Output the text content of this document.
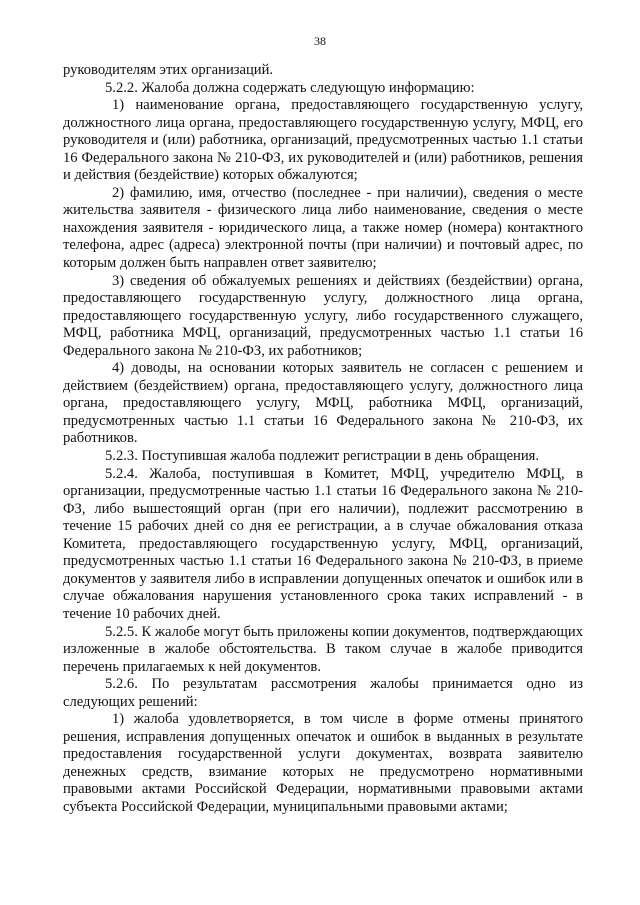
38

руководителям этих организаций.

5.2.2. Жалоба должна содержать следующую информацию:

1) наименование органа, предоставляющего государственную услугу, должностного лица органа, предоставляющего государственную услугу, МФЦ, его руководителя и (или) работника, организаций, предусмотренных частью 1.1 статьи 16 Федерального закона № 210-ФЗ, их руководителей и (или) работников, решения и действия (бездействие) которых обжалуются;

2) фамилию, имя, отчество (последнее - при наличии), сведения о месте жительства заявителя - физического лица либо наименование, сведения о месте нахождения заявителя - юридического лица, а также номер (номера) контактного телефона, адрес (адреса) электронной почты (при наличии) и почтовый адрес, по которым должен быть направлен ответ заявителю;

3) сведения об обжалуемых решениях и действиях (бездействии) органа, предоставляющего государственную услугу, должностного лица органа, предоставляющего государственную услугу, либо государственного служащего, МФЦ, работника МФЦ, организаций, предусмотренных частью 1.1 статьи 16 Федерального закона № 210-ФЗ, их работников;

4) доводы, на основании которых заявитель не согласен с решением и действием (бездействием) органа, предоставляющего услугу, должностного лица органа, предоставляющего услугу, МФЦ, работника МФЦ, организаций, предусмотренных частью 1.1 статьи 16 Федерального закона № 210-ФЗ, их работников.

5.2.3. Поступившая жалоба подлежит регистрации в день обращения.

5.2.4. Жалоба, поступившая в Комитет, МФЦ, учредителю МФЦ, в организации, предусмотренные частью 1.1 статьи 16 Федерального закона № 210-ФЗ, либо вышестоящий орган (при его наличии), подлежит рассмотрению в течение 15 рабочих дней со дня ее регистрации, а в случае обжалования отказа Комитета, предоставляющего государственную услугу, МФЦ, организаций, предусмотренных частью 1.1 статьи 16 Федерального закона № 210-ФЗ, в приеме документов у заявителя либо в исправлении допущенных опечаток и ошибок или в случае обжалования нарушения установленного срока таких исправлений - в течение 10 рабочих дней.

5.2.5. К жалобе могут быть приложены копии документов, подтверждающих изложенные в жалобе обстоятельства. В таком случае в жалобе приводится перечень прилагаемых к ней документов.

5.2.6. По результатам рассмотрения жалобы принимается одно из следующих решений:

1) жалоба удовлетворяется, в том числе в форме отмены принятого решения, исправления допущенных опечаток и ошибок в выданных в результате предоставления государственной услуги документах, возврата заявителю денежных средств, взимание которых не предусмотрено нормативными правовыми актами Российской Федерации, нормативными правовыми актами субъекта Российской Федерации, муниципальными правовыми актами;
